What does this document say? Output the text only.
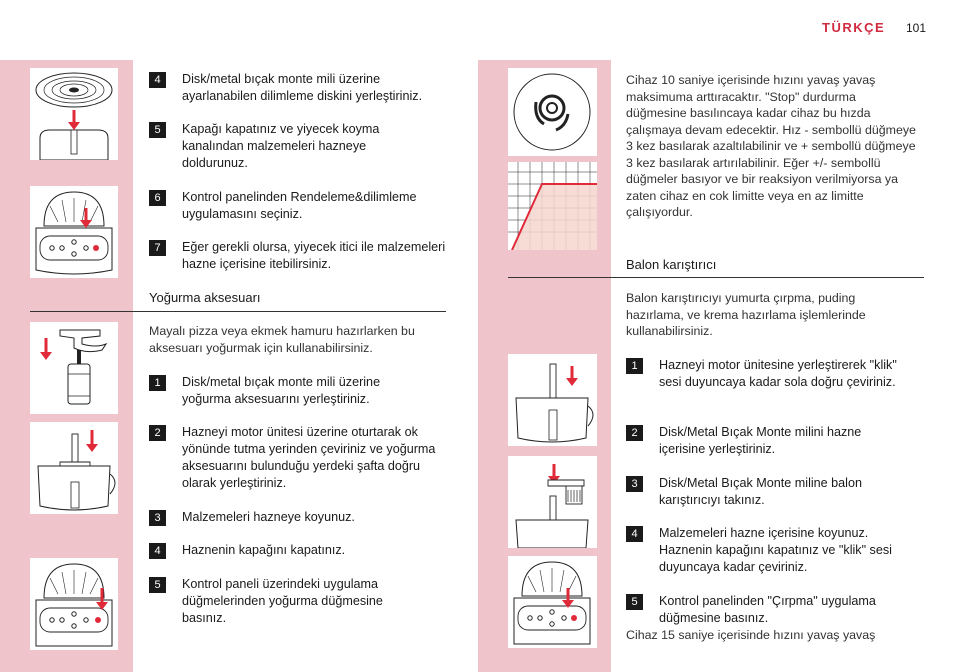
TÜRKÇE 101
4	Disk/metal bıçak monte mili üzerine ayarlanabilen dilimleme diskini yerleştiriniz.
5	Kapağı kapatınız ve yiyecek koyma kanalından malzemeleri hazneye doldurunuz.
6	Kontrol panelinden Rendeleme&dilimleme uygulamasını seçiniz.
7	Eğer gerekli olursa, yiyecek itici ile malzemeleri hazne içerisine itebilirsiniz.
Yoğurma aksesuarı
Mayalı pizza veya ekmek hamuru hazırlarken bu aksesuarı yoğurmak için kullanabilirsiniz.
1	Disk/metal bıçak monte mili üzerine yoğurma aksesuarını yerleştiriniz.
2	Hazneyi motor ünitesi üzerine oturtarak ok yönünde tutma yerinden çeviriniz ve yoğurma aksesuarını bulunduğu yerdeki şafta doğru olarak yerleştiriniz.
3	Malzemeleri hazneye koyunuz.
4	Haznenin kapağını kapatınız.
5	Kontrol paneli üzerindeki uygulama düğmelerinden yoğurma düğmesine basınız.
Cihaz 10 saniye içerisinde hızını yavaş yavaş maksimuma arttıracaktır. "Stop" durdurma düğmesine basılıncaya kadar cihaz bu hızda çalışmaya devam edecektir. Hız - sembollü düğmeye 3 kez basılarak azaltılabilinir ve + sembollü düğmeye 3 kez basılarak artırılabilinir. Eğer +/- sembollü düğmeler basıyor ve bir reaksiyon verilmiyorsa ya zaten cihaz en cok limitte veya en az limitte çalışıyordur.
Balon karıştırıcı
Balon karıştırıcıyı yumurta çırpma, puding hazırlama, ve krema hazırlama işlemlerinde kullanabilirsiniz.
1	Hazneyi motor ünitesine yerleştirerek "klik" sesi duyuncaya kadar sola doğru çeviriniz.
2	Disk/Metal Bıçak Monte milini hazne içerisine yerleştiriniz.
3	Disk/Metal Bıçak Monte miline balon karıştırıcıyı takınız.
4	Malzemeleri hazne içerisine koyunuz. Haznenin kapağını kapatınız ve "klik" sesi duyuncaya kadar çeviriniz.
5	Kontrol panelinden "Çırpma" uygulama düğmesine basınız.
Cihaz 15 saniye içerisinde hızını yavaş yavaş
